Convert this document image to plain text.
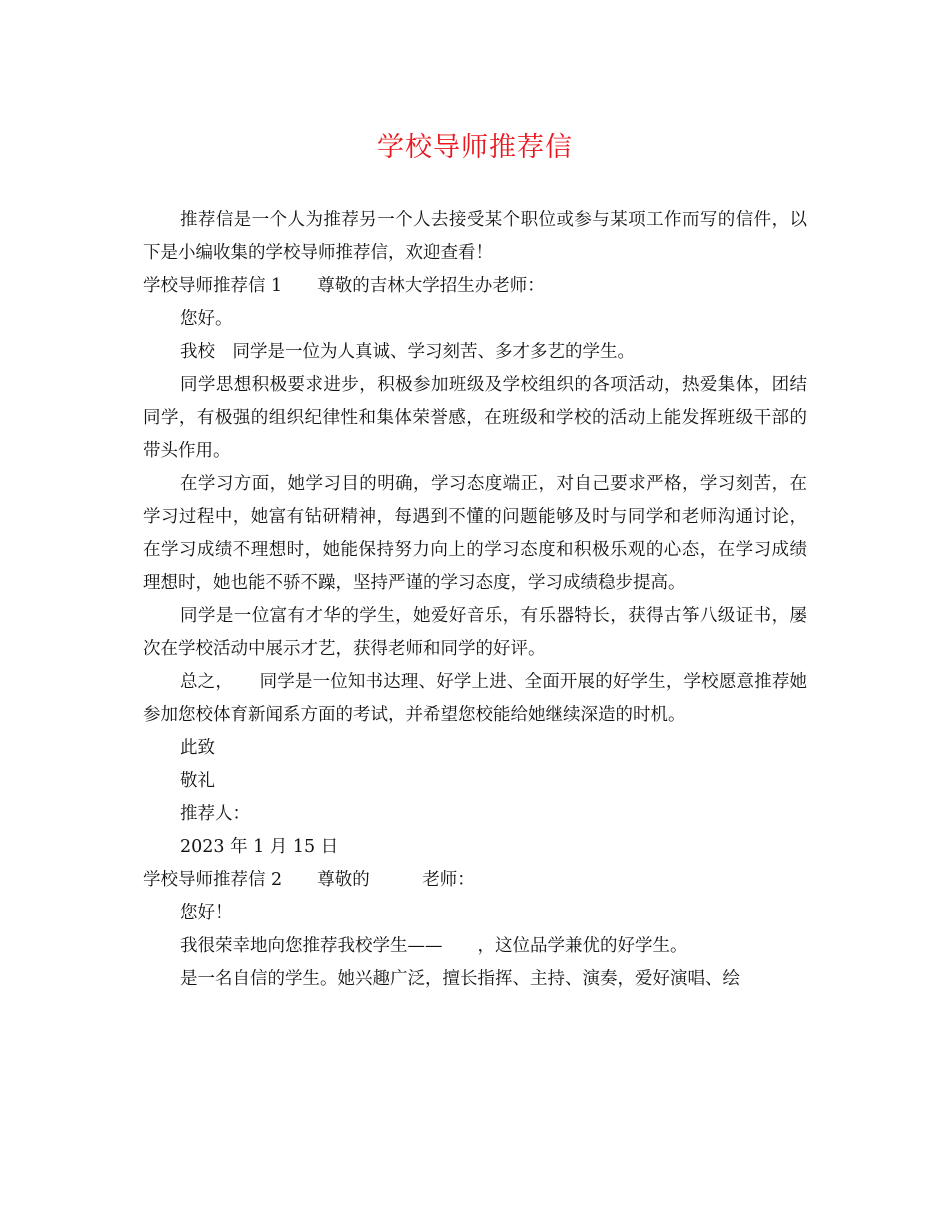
学校导师推荐信

推荐信是一个人为推荐另一个人去接受某个职位或参与某项工作而写的信件，以下是小编收集的学校导师推荐信，欢迎查看！

学校导师推荐信 1　　尊敬的吉林大学招生办老师：

您好。

我校　同学是一位为人真诚、学习刻苦、多才多艺的学生。

同学思想积极要求进步，积极参加班级及学校组织的各项活动，热爱集体，团结同学，有极强的组织纪律性和集体荣誉感，在班级和学校的活动上能发挥班级干部的带头作用。

在学习方面，她学习目的明确，学习态度端正，对自己要求严格，学习刻苦，在学习过程中，她富有钻研精神，每遇到不懂的问题能够及时与同学和老师沟通讨论，在学习成绩不理想时，她能保持努力向上的学习态度和积极乐观的心态，在学习成绩理想时，她也能不骄不躁，坚持严谨的学习态度，学习成绩稳步提高。

同学是一位富有才华的学生，她爱好音乐，有乐器特长，获得古筝八级证书，屡次在学校活动中展示才艺，获得老师和同学的好评。

总之，　　同学是一位知书达理、好学上进、全面开展的好学生，学校愿意推荐她参加您校体育新闻系方面的考试，并希望您校能给她继续深造的时机。

此致

敬礼

推荐人：

2023 年 1 月 15 日

学校导师推荐信 2　　尊敬的　　　老师：

您好！

我很荣幸地向您推荐我校学生——　　，这位品学兼优的好学生。

是一名自信的学生。她兴趣广泛，擅长指挥、主持、演奏，爱好演唱、绘
